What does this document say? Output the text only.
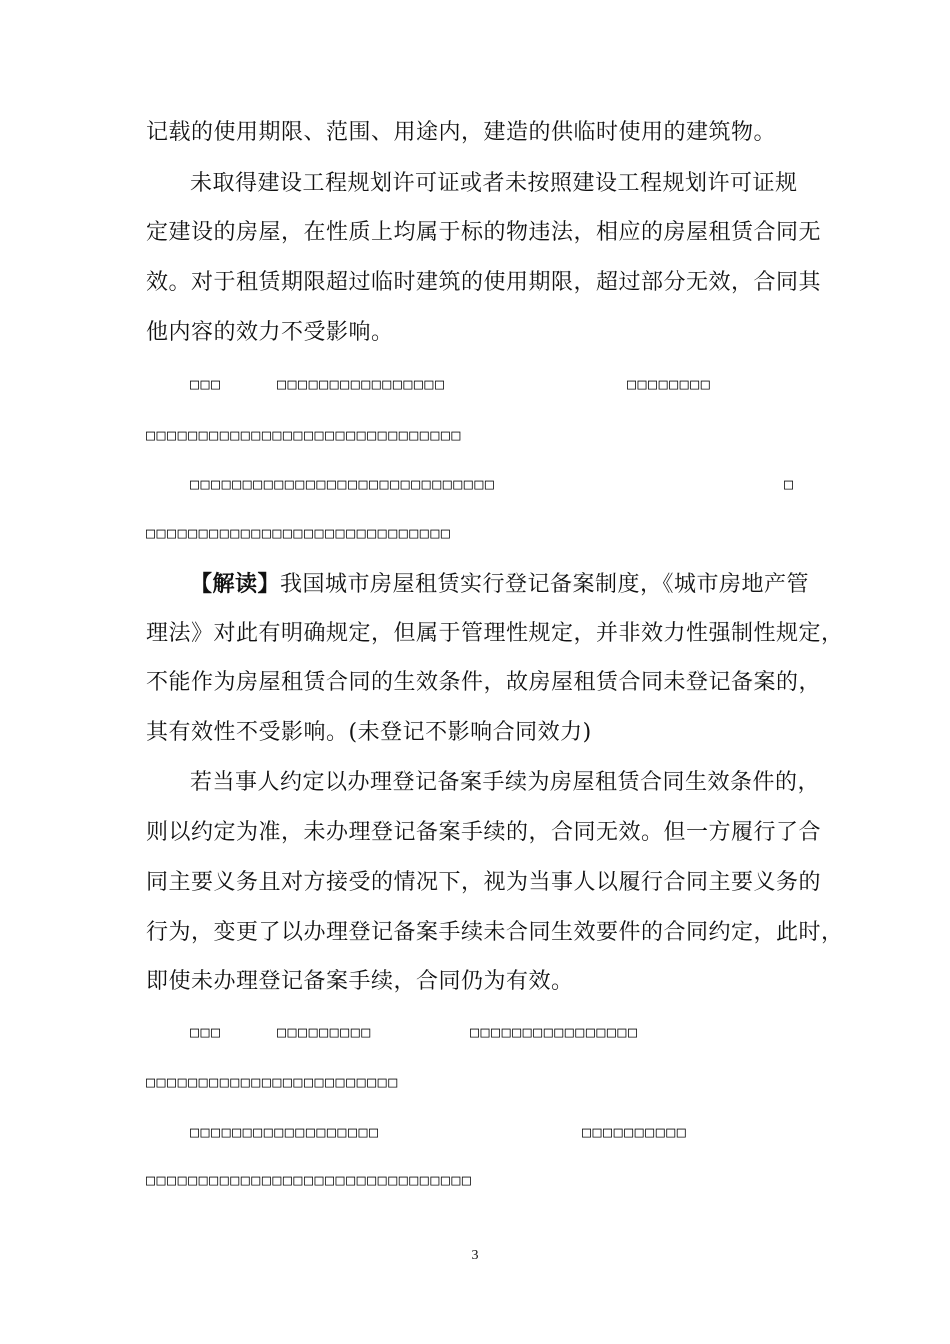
记载的使用期限、范围、用途内，建造的供临时使用的建筑物。
未取得建设工程规划许可证或者未按照建设工程规划许可证规
定建设的房屋，在性质上均属于标的物违法，相应的房屋租赁合同无
效。对于租赁期限超过临时建筑的使用期限，超过部分无效，合同其
他内容的效力不受影响。
□□□	□□□□□□□□□□□□□□□□	□□□□□□□□
□□□□□□□□□□□□□□□□□□□□□□□□□□□□□□
□□□□□□□□□□□□□□□□□□□□□□□□□□□□□	□
□□□□□□□□□□□□□□□□□□□□□□□□□□□□□
【解读】我国城市房屋租赁实行登记备案制度，《城市房地产管
理法》对此有明确规定，但属于管理性规定，并非效力性强制性规定，
不能作为房屋租赁合同的生效条件，故房屋租赁合同未登记备案的，
其有效性不受影响。(未登记不影响合同效力)
若当事人约定以办理登记备案手续为房屋租赁合同生效条件的，
则以约定为准，未办理登记备案手续的，合同无效。但一方履行了合
同主要义务且对方接受的情况下，视为当事人以履行合同主要义务的
行为，变更了以办理登记备案手续未合同生效要件的合同约定，此时，
即使未办理登记备案手续，合同仍为有效。
□□□	□□□□□□□□□	□□□□□□□□□□□□□□□□
□□□□□□□□□□□□□□□□□□□□□□□□
□□□□□□□□□□□□□□□□□□	□□□□□□□□□□
□□□□□□□□□□□□□□□□□□□□□□□□□□□□□□□
3
